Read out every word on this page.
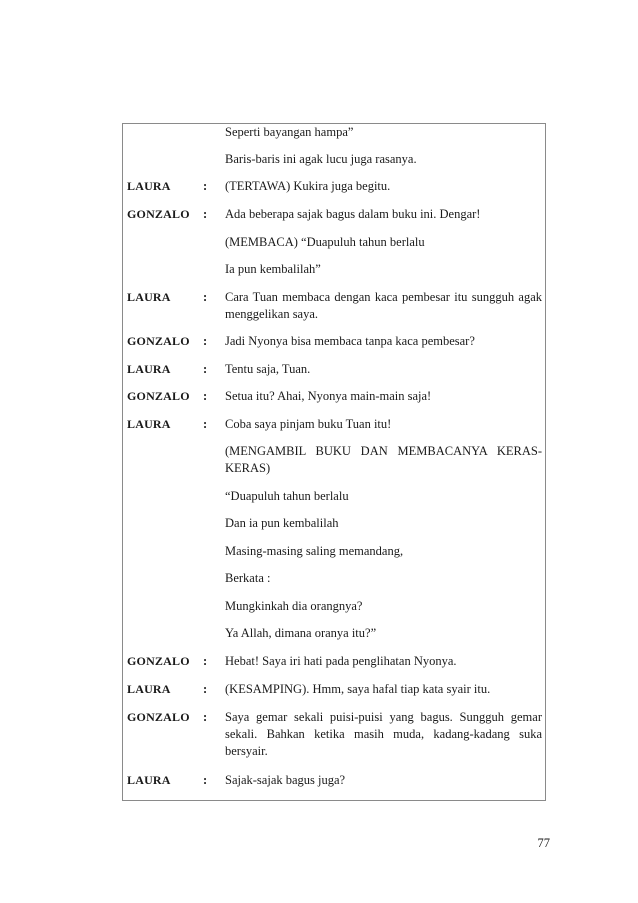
Seperti bayangan hampa”
Baris-baris ini agak lucu juga rasanya.
LAURA	:	(TERTAWA) Kukira juga begitu.
GONZALO	:	Ada beberapa sajak bagus dalam buku ini. Dengar!
(MEMBACA) “Duapuluh tahun berlalu
Ia pun kembalilah”
LAURA	:	Cara Tuan membaca dengan kaca pembesar itu sungguh agak menggelikan saya.
GONZALO	:	Jadi Nyonya bisa membaca tanpa kaca pembesar?
LAURA	:	Tentu saja, Tuan.
GONZALO	:	Setua itu? Ahai, Nyonya main-main saja!
LAURA	:	Coba saya pinjam buku Tuan itu!
(MENGAMBIL BUKU DAN MEMBACANYA KERAS-KERAS)
“Duapuluh tahun berlalu
Dan ia pun kembalilah
Masing-masing saling memandang,
Berkata :
Mungkinkah dia orangnya?
Ya Allah, dimana oranya itu?”
GONZALO	:	Hebat! Saya iri hati pada penglihatan Nyonya.
LAURA	:	(KESAMPING). Hmm, saya hafal tiap kata syair itu.
GONZALO	:	Saya gemar sekali puisi-puisi yang bagus. Sungguh gemar sekali. Bahkan ketika masih muda, kadang-kadang suka bersyair.
LAURA	:	Sajak-sajak bagus juga?
77
